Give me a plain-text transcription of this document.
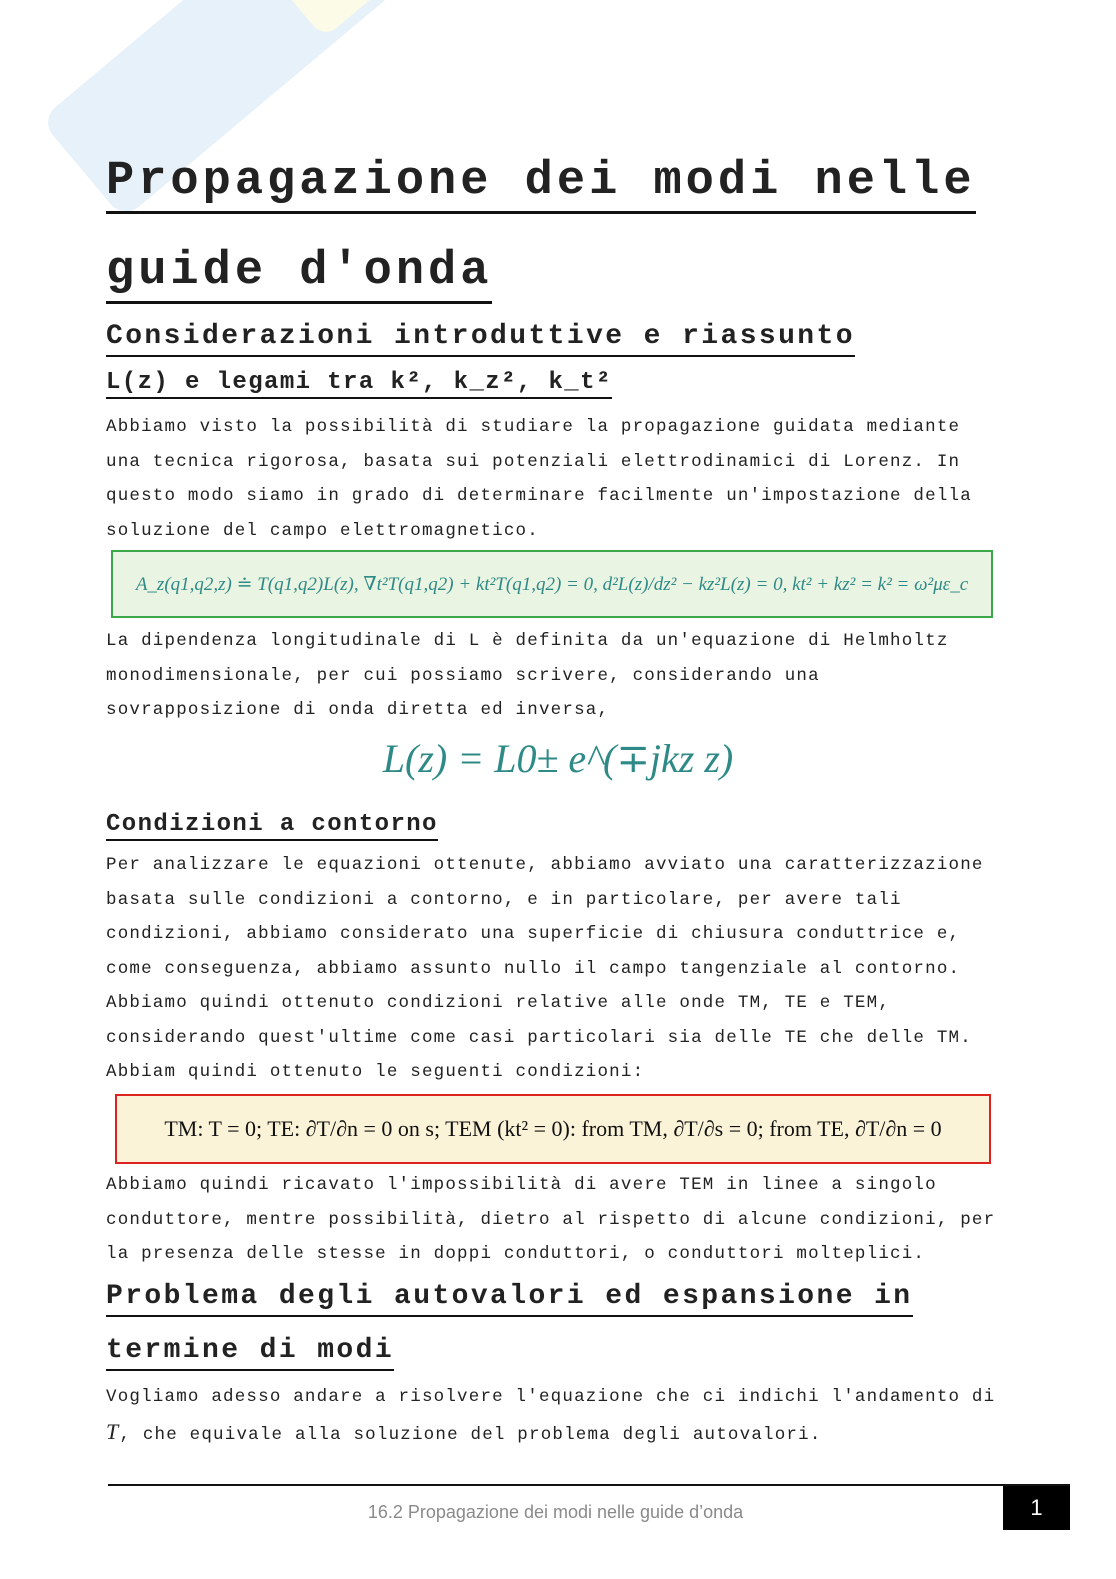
Propagazione dei modi nelle
guide d'onda
Considerazioni introduttive e riassunto
L(z) e legami tra k², k_z², k_t²

Abbiamo visto la possibilità di studiare la propagazione guidata mediante

una tecnica rigorosa, basata sui potenziali elettrodinamici di Lorenz. In

questo modo siamo in grado di determinare facilmente un'impostazione della

soluzione del campo elettromagnetico.

A_z(q1,q2,z) ≐ T(q1,q2)L(z), ∇t²T(q1,q2) + kt²T(q1,q2) = 0, d²L(z)/dz² − kz²L(z) = 0, kt² + kz² = k² = ω²με_c

La dipendenza longitudinale di L è definita da un'equazione di Helmholtz

monodimensionale, per cui possiamo scrivere, considerando una

sovrapposizione di onda diretta ed inversa,

L(z) = L0± e^(∓jkz z)
Condizioni a contorno

Per analizzare le equazioni ottenute, abbiamo avviato una caratterizzazione

basata sulle condizioni a contorno, e in particolare, per avere tali

condizioni, abbiamo considerato una superficie di chiusura conduttrice e,

come conseguenza, abbiamo assunto nullo il campo tangenziale al contorno.

Abbiamo quindi ottenuto condizioni relative alle onde TM, TE e TEM,

considerando quest'ultime come casi particolari sia delle TE che delle TM.

Abbiam quindi ottenuto le seguenti condizioni:

TM: T = 0; TE: ∂T/∂n = 0 on s; TEM (kt² = 0): from TM, ∂T/∂s = 0; from TE, ∂T/∂n = 0

Abbiamo quindi ricavato l'impossibilità di avere TEM in linee a singolo

conduttore, mentre possibilità, dietro al rispetto di alcune condizioni, per

la presenza delle stesse in doppi conduttori, o conduttori molteplici.

Problema degli autovalori ed espansione in
termine di modi

Vogliamo adesso andare a risolvere l'equazione che ci indichi l'andamento di

T, che equivale alla soluzione del problema degli autovalori.

16.2 Propagazione dei modi nelle guide d’onda	1
